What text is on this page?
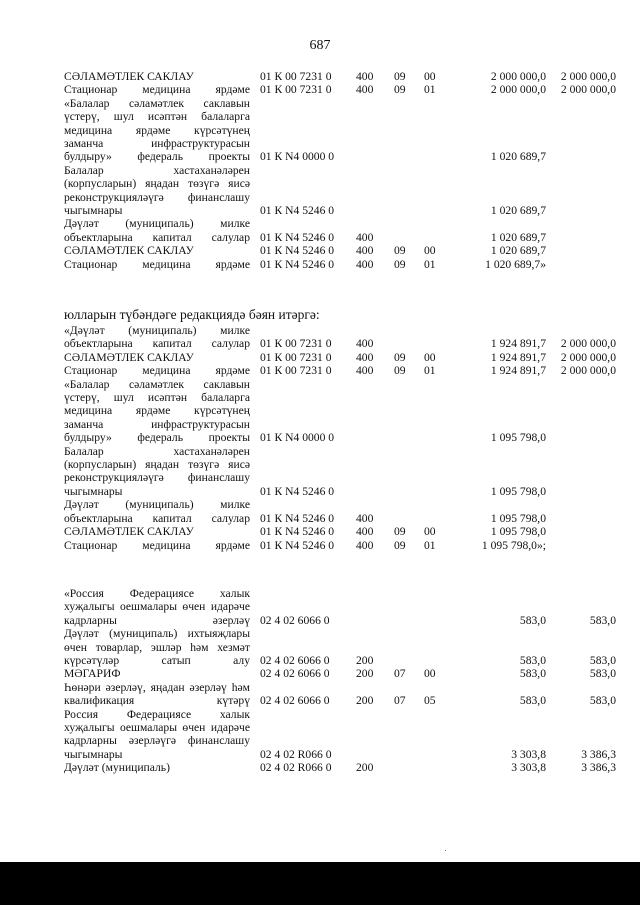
687
СӘЛАМӘТЛЕК САКЛАУ	01 К 00 7231 0	400	09	00	2 000 000,0	2 000 000,0
Стационар медицина ярдәме 01 К 00 7231 0	400	09	01	2 000 000,0	2 000 000,0
«Балалар сәламәтлек саклавын үстерү, шул исәптән балаларга медицина ярдәме күрсәтүнең заманча инфраструктурасын булдыру» федераль проекты 01 К N4 0000 0	1 020 689,7
Балалар хастаханәләрен (корпусларын) яңадан төзүгә яисә реконструкцияләүгә финанслашу чыгымнары	01 К N4 5246 0	1 020 689,7
Дәүләт (муниципаль) милке объектларына капитал салулар 01 К N4 5246 0	400	1 020 689,7
СӘЛАМӘТЛЕК САКЛАУ	01 К N4 5246 0	400	09	00	1 020 689,7
Стационар медицина ярдәме 01 К N4 5246 0	400	09	01	1 020 689,7»
юлларын түбәндәге редакциядә бәян итәргә:
«Дәүләт (муниципаль) милке объектларына капитал салулар 01 К 00 7231 0	400	1 924 891,7	2 000 000,0
СӘЛАМӘТЛЕК САКЛАУ	01 К 00 7231 0	400	09	00	1 924 891,7	2 000 000,0
Стационар медицина ярдәме 01 К 00 7231 0	400	09	01	1 924 891,7	2 000 000,0
«Балалар сәламәтлек саклавын үстерү, шул исәптән балаларга медицина ярдәме күрсәтүнең заманча инфраструктурасын булдыру» федераль проекты 01 К N4 0000 0	1 095 798,0
Балалар хастаханәләрен (корпусларын) яңадан төзүгә яисә реконструкцияләүгә финанслашу чыгымнары	01 К N4 5246 0	1 095 798,0
Дәүләт (муниципаль) милке объектларына капитал салулар 01 К N4 5246 0	400	1 095 798,0
СӘЛАМӘТЛЕК САКЛАУ	01 К N4 5246 0	400	09	00	1 095 798,0
Стационар медицина ярдәме 01 К N4 5246 0	400	09	01	1 095 798,0»;
«Россия Федерациясе халык хуҗалыгы оешмалары өчен идарәче кадрларны әзерләү 02 4 02 6066 0	583,0	583,0
Дәүләт (муниципаль) ихтыяҗлары өчен товарлар, эшләр һәм хезмәт күрсәтүләр сатып алу 02 4 02 6066 0	200	583,0	583,0
МӘГАРИФ	02 4 02 6066 0	200	07	00	583,0	583,0
Һөнәри әзерләү, яңадан әзерләү һәм квалификация күтәрү 02 4 02 6066 0	200	07	05	583,0	583,0
Россия Федерациясе халык хуҗалыгы оешмалары өчен идарәче кадрларны әзерләүгә финанслашу чыгымнары	02 4 02 R066 0	3 303,8	3 386,3
Дәүләт (муниципаль)	02 4 02 R066 0	200	3 303,8	3 386,3
